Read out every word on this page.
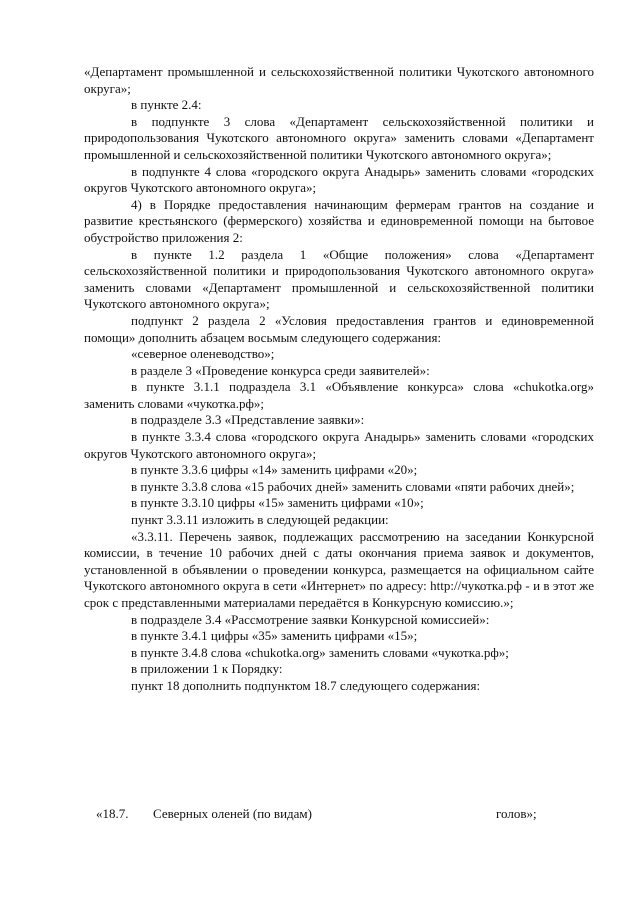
«Департамент промышленной и сельскохозяйственной политики Чукотского автономного округа»;

в пункте 2.4:

в подпункте 3 слова «Департамент сельскохозяйственной политики и природопользования Чукотского автономного округа» заменить словами «Департамент промышленной и сельскохозяйственной политики Чукотского автономного округа»;

в подпункте 4 слова «городского округа Анадырь» заменить словами «городских округов Чукотского автономного округа»;

4) в Порядке предоставления начинающим фермерам грантов на создание и развитие крестьянского (фермерского) хозяйства и единовременной помощи на бытовое обустройство приложения 2:

в пункте 1.2 раздела 1 «Общие положения» слова «Департамент сельскохозяйственной политики и природопользования Чукотского автономного округа» заменить словами «Департамент промышленной и сельскохозяйственной политики Чукотского автономного округа»;

подпункт 2 раздела 2 «Условия предоставления грантов и единовременной помощи» дополнить абзацем восьмым следующего содержания:

«северное оленеводство»;

в разделе 3 «Проведение конкурса среди заявителей»:

в пункте 3.1.1 подраздела 3.1 «Объявление конкурса» слова «chukotka.org» заменить словами «чукотка.рф»;

в подразделе 3.3 «Представление заявки»:

в пункте 3.3.4 слова «городского округа Анадырь» заменить словами «городских округов Чукотского автономного округа»;

в пункте 3.3.6 цифры «14» заменить цифрами «20»;

в пункте 3.3.8 слова «15 рабочих дней» заменить словами «пяти рабочих дней»;

в пункте 3.3.10 цифры «15» заменить цифрами «10»;

пункт 3.3.11 изложить в следующей редакции:

«3.3.11. Перечень заявок, подлежащих рассмотрению на заседании Конкурсной комиссии, в течение 10 рабочих дней с даты окончания приема заявок и документов, установленной в объявлении о проведении конкурса, размещается на официальном сайте Чукотского автономного округа в сети «Интернет» по адресу: http://чукотка.рф - и в этот же срок с представленными материалами передаётся в Конкурсную комиссию.»;

в подразделе 3.4 «Рассмотрение заявки Конкурсной комиссией»:

в пункте 3.4.1 цифры «35» заменить цифрами «15»;

в пункте 3.4.8 слова «chukotka.org» заменить словами «чукотка.рф»;

в приложении 1 к Порядку:

пункт 18 дополнить подпунктом 18.7 следующего содержания:

«18.7. Северных оленей (по видам)	голов»;
